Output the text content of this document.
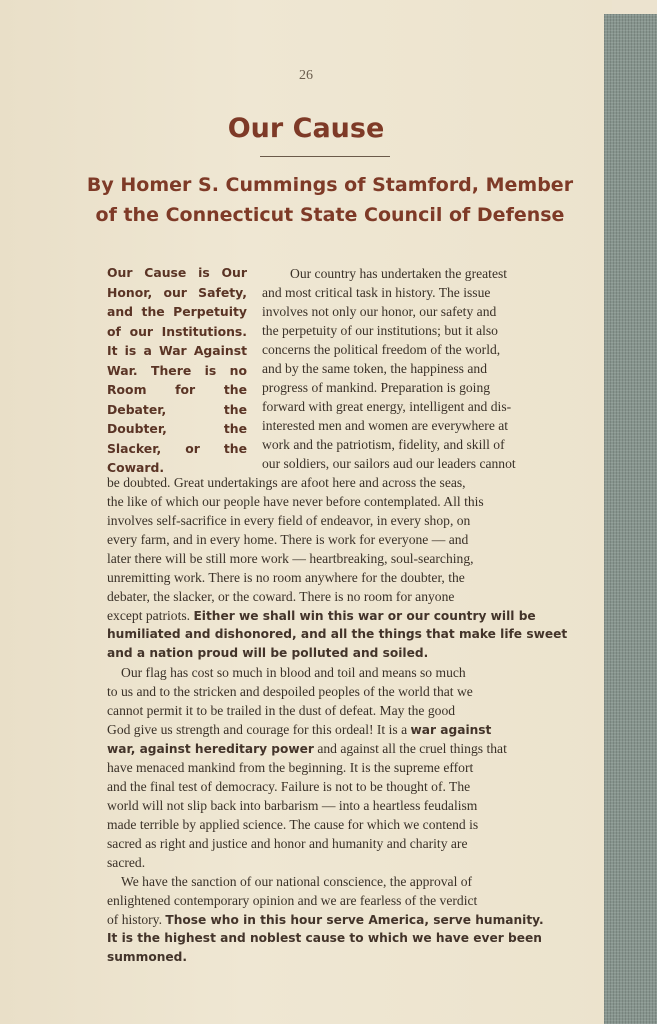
26
Our Cause
By Homer S. Cummings of Stamford, Member of the Connecticut State Council of Defense

Our Cause is Our Honor, our Safety, and the Perpetuity of our Institutions. It is a War Against War. There is no Room for the Debater, the Doubter, the Slacker, or the Coward.

Our country has undertaken the greatest

and most critical task in history. The issue

involves not only our honor, our safety and

the perpetuity of our institutions; but it also

concerns the political freedom of the world,

and by the same token, the happiness and

progress of mankind. Preparation is going

forward with great energy, intelligent and dis-

interested men and women are everywhere at

work and the patriotism, fidelity, and skill of

our soldiers, our sailors aud our leaders cannot

be doubted. Great undertakings are afoot here and across the seas,

the like of which our people have never before contemplated. All this

involves self-sacrifice in every field of endeavor, in every shop, on

every farm, and in every home. There is work for everyone — and

later there will be still more work — heartbreaking, soul-searching,

unremitting work. There is no room anywhere for the doubter, the

debater, the slacker, or the coward. There is no room for anyone

except patriots. Either we shall win this war or our country will be

humiliated and dishonored, and all the things that make life sweet

and a nation proud will be polluted and soiled.

Our flag has cost so much in blood and toil and means so much

to us and to the stricken and despoiled peoples of the world that we

cannot permit it to be trailed in the dust of defeat. May the good

God give us strength and courage for this ordeal! It is a war against

war, against hereditary power and against all the cruel things that

have menaced mankind from the beginning. It is the supreme effort

and the final test of democracy. Failure is not to be thought of. The

world will not slip back into barbarism — into a heartless feudalism

made terrible by applied science. The cause for which we contend is

sacred as right and justice and honor and humanity and charity are

sacred.

We have the sanction of our national conscience, the approval of

enlightened contemporary opinion and we are fearless of the verdict

of history. Those who in this hour serve America, serve humanity.

It is the highest and noblest cause to which we have ever been

summoned.
